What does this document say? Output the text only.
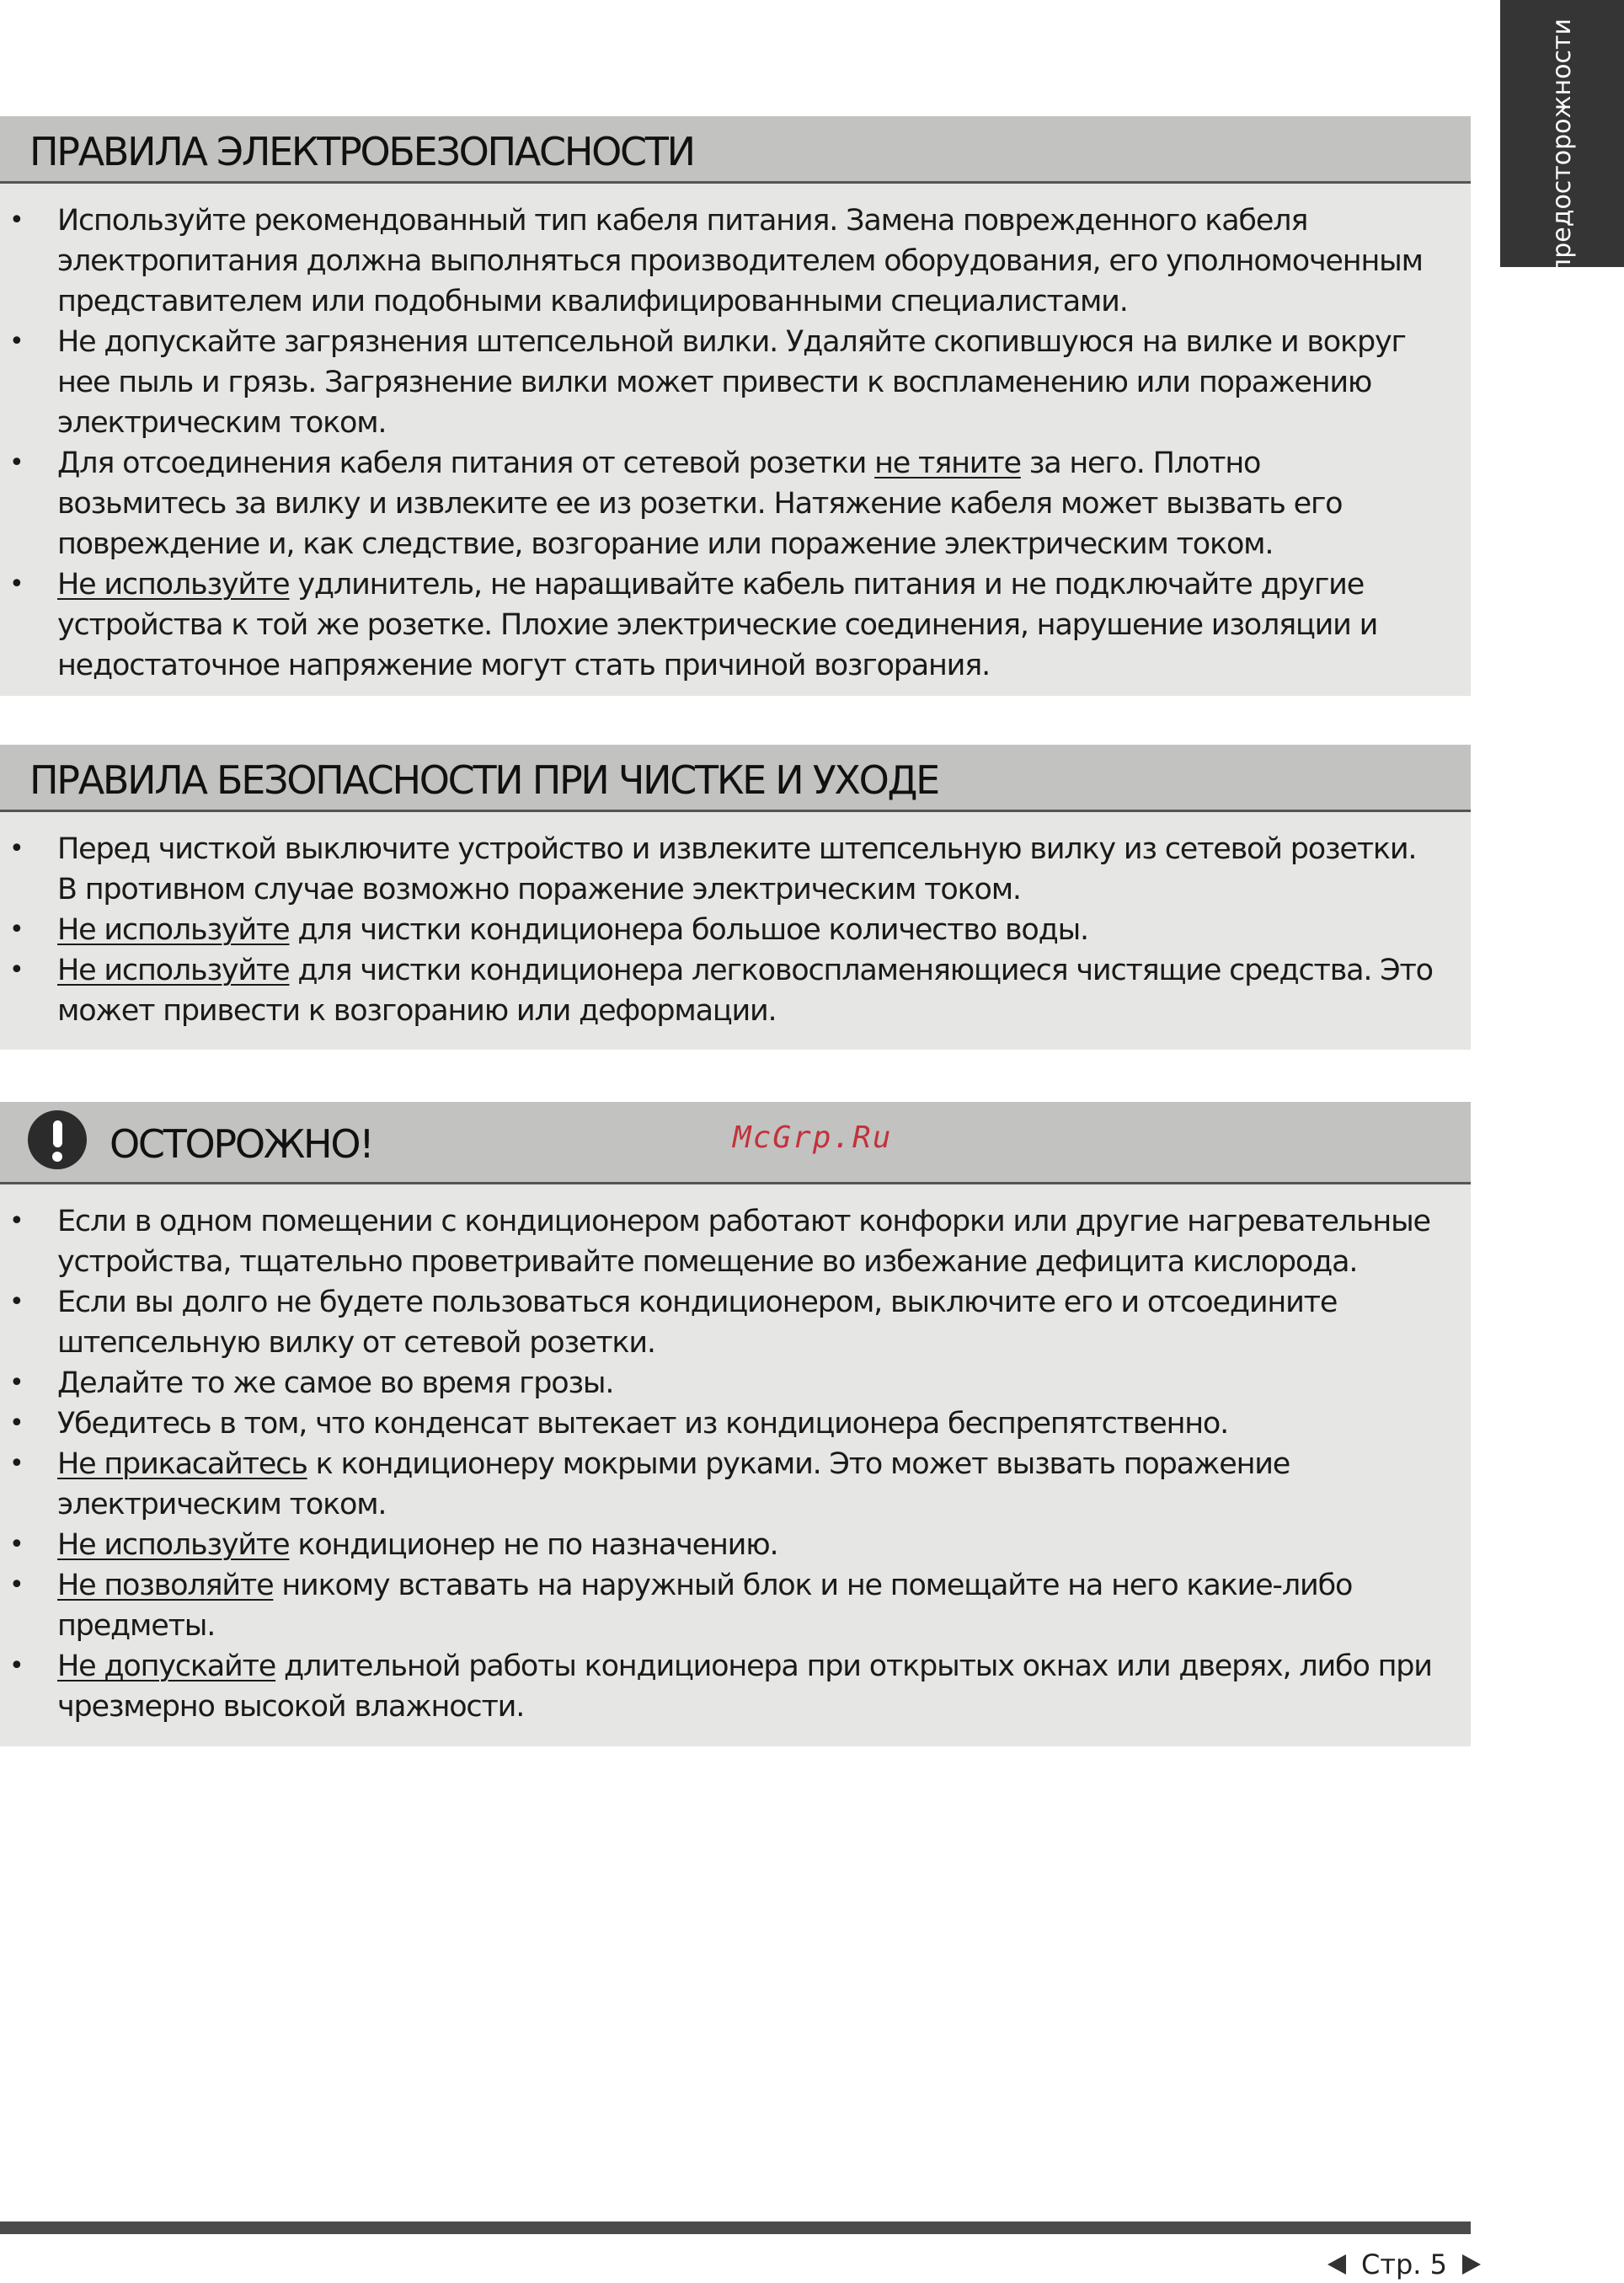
Меры предосторожности
ПРАВИЛА ЭЛЕКТРОБЕЗОПАСНОСТИ
• Используйте рекомендованный тип кабеля питания. Замена поврежденного кабеля электропитания должна выполняться производителем оборудования, его уполномоченным представителем или подобными квалифицированными специалистами.
• Не допускайте загрязнения штепсельной вилки. Удаляйте скопившуюся на вилке и вокруг нее пыль и грязь. Загрязнение вилки может привести к воспламенению или поражению электрическим током.
• Для отсоединения кабеля питания от сетевой розетки не тяните за него. Плотно возьмитесь за вилку и извлеките ее из розетки. Натяжение кабеля может вызвать его повреждение и, как следствие, возгорание или поражение электрическим током.
• Не используйте удлинитель, не наращивайте кабель питания и не подключайте другие устройства к той же розетке. Плохие электрические соединения, нарушение изоляции и недостаточное напряжение могут стать причиной возгорания.
ПРАВИЛА БЕЗОПАСНОСТИ ПРИ ЧИСТКЕ И УХОДЕ
• Перед чисткой выключите устройство и извлеките штепсельную вилку из сетевой розетки. В противном случае возможно поражение электрическим током.
• Не используйте для чистки кондиционера большое количество воды.
• Не используйте для чистки кондиционера легковоспламеняющиеся чистящие средства. Это может привести к возгоранию или деформации.
ОСТОРОЖНО!	McGrp.Ru
• Если в одном помещении с кондиционером работают конфорки или другие нагревательные устройства, тщательно проветривайте помещение во избежание дефицита кислорода.
• Если вы долго не будете пользоваться кондиционером, выключите его и отсоедините штепсельную вилку от сетевой розетки.
• Делайте то же самое во время грозы.
• Убедитесь в том, что конденсат вытекает из кондиционера беспрепятственно.
• Не прикасайтесь к кондиционеру мокрыми руками. Это может вызвать поражение электрическим током.
• Не используйте кондиционер не по назначению.
• Не позволяйте никому вставать на наружный блок и не помещайте на него какие-либо предметы.
• Не допускайте длительной работы кондиционера при открытых окнах или дверях, либо при чрезмерно высокой влажности.
Стр. 5
